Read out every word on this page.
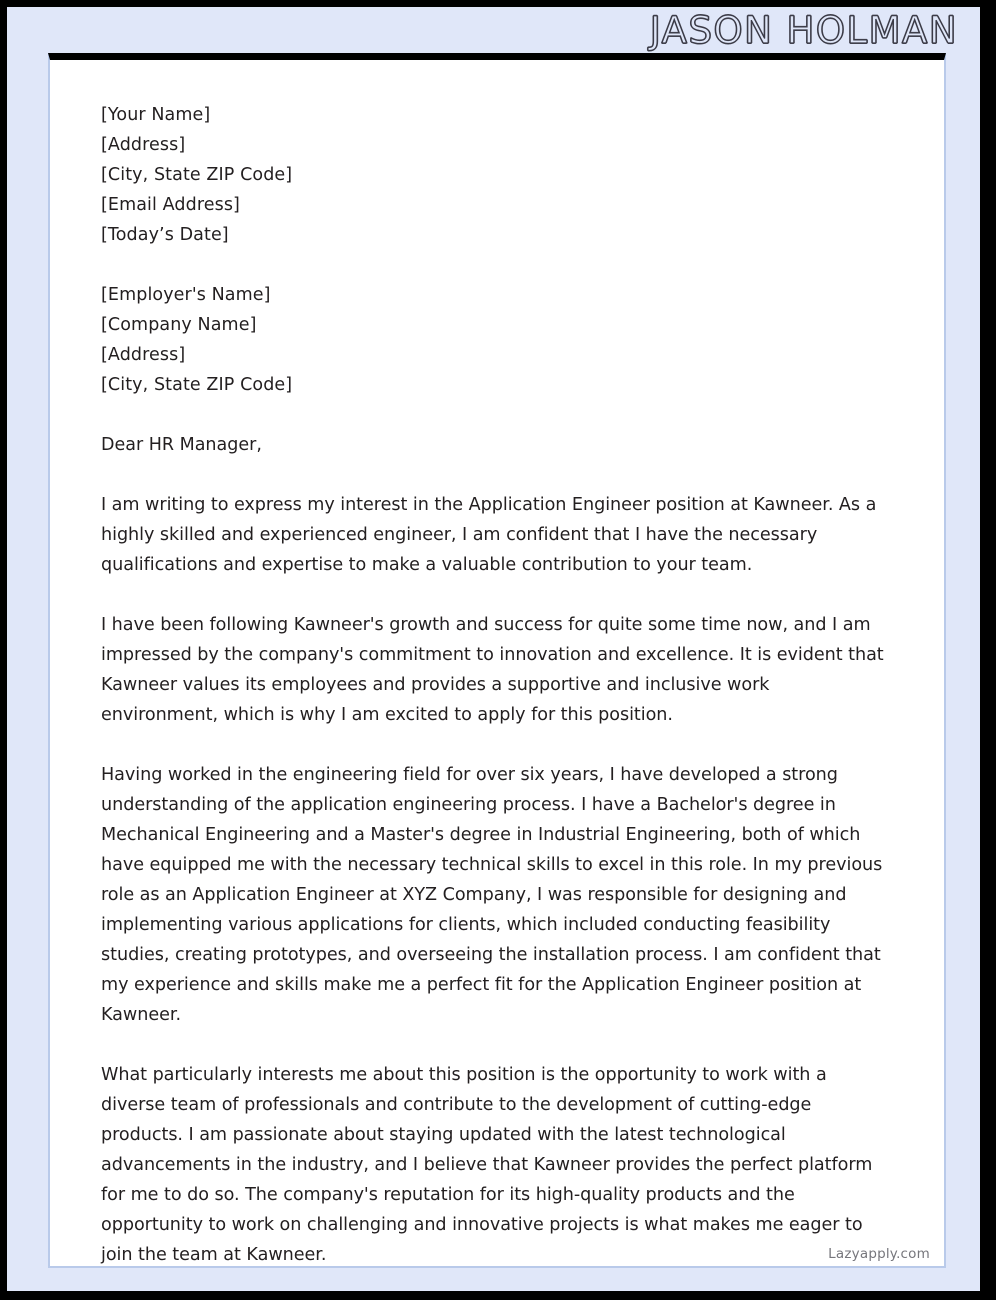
JASON HOLMAN
[Your Name]
[Address]
[City, State ZIP Code]
[Email Address]
[Today’s Date]
[Employer's Name]
[Company Name]
[Address]
[City, State ZIP Code]
Dear HR Manager,

I am writing to express my interest in the Application Engineer position at Kawneer. As a highly skilled and experienced engineer, I am confident that I have the necessary qualifications and expertise to make a valuable contribution to your team.

I have been following Kawneer's growth and success for quite some time now, and I am impressed by the company's commitment to innovation and excellence. It is evident that Kawneer values its employees and provides a supportive and inclusive work environment, which is why I am excited to apply for this position.

Having worked in the engineering field for over six years, I have developed a strong understanding of the application engineering process. I have a Bachelor's degree in Mechanical Engineering and a Master's degree in Industrial Engineering, both of which have equipped me with the necessary technical skills to excel in this role. In my previous role as an Application Engineer at XYZ Company, I was responsible for designing and implementing various applications for clients, which included conducting feasibility studies, creating prototypes, and overseeing the installation process. I am confident that my experience and skills make me a perfect fit for the Application Engineer position at Kawneer.

What particularly interests me about this position is the opportunity to work with a diverse team of professionals and contribute to the development of cutting-edge products. I am passionate about staying updated with the latest technological advancements in the industry, and I believe that Kawneer provides the perfect platform for me to do so. The company's reputation for its high-quality products and the opportunity to work on challenging and innovative projects is what makes me eager to join the team at Kawneer.	Lazyapply.com
